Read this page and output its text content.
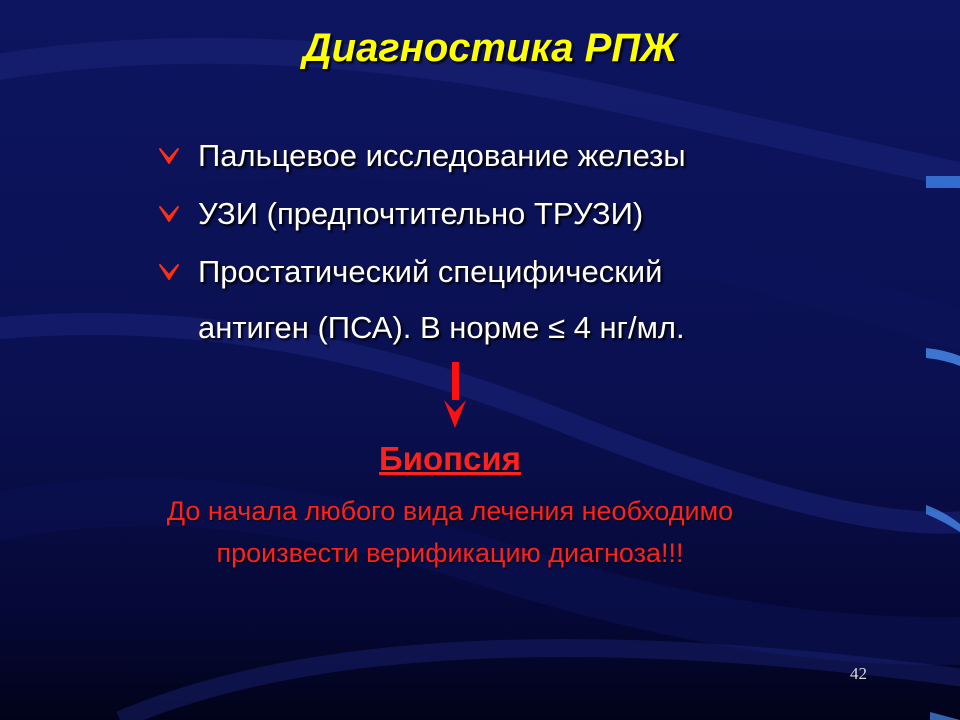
Диагностика РПЖ
Пальцевое исследование железы
УЗИ (предпочтительно ТРУЗИ)
Простатический специфический
антиген (ПСА). В норме ≤ 4 нг/мл.
Биопсия
До начала любого вида лечения необходимо
произвести верификацию диагноза!!!
42
